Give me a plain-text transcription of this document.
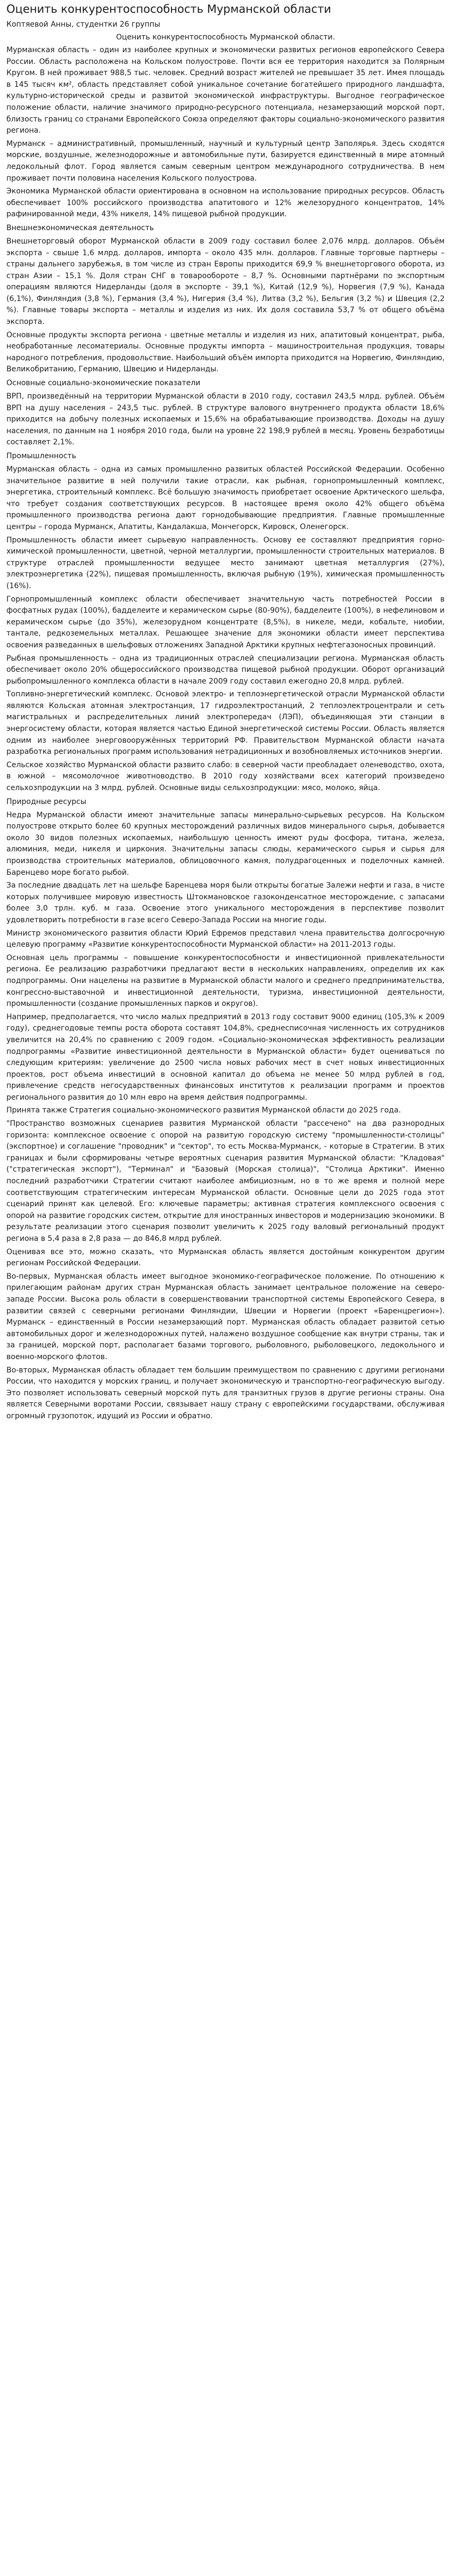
Оценить конкурентоспособность Мурманской области
Коптяевой Анны, студентки 26 группы
Оценить конкурентоспособность Мурманской области.

Мурманская область – один из наиболее крупных и экономически развитых регионов европейского Севера России. Область расположена на Кольском полуострове. Почти вся ее территория находится за Полярным Кругом. В ней проживает 988,5 тыс. человек. Средний возраст жителей не превышает 35 лет. Имея площадь в 145 тысяч км², область представляет собой уникальное сочетание богатейшего природного ландшафта, культурно-исторической среды и развитой экономической инфраструктуры. Выгодное географическое положение области, наличие значимого природно-ресурсного потенциала, незамерзающий морской порт, близость границ со странами Европейского Союза определяют факторы социально-экономического развития региона.

Мурманск – административный, промышленный, научный и культурный центр Заполярья. Здесь сходятся морские, воздушные, железнодорожные и автомобильные пути, базируется единственный в мире атомный ледокольный флот. Город является самым северным центром международного сотрудничества. В нем проживает почти половина населения Кольского полуострова.

Экономика Мурманской области ориентирована в основном на использование природных ресурсов. Область обеспечивает 100% российского производства апатитового и 12% железорудного концентратов, 14% рафинированной меди, 43% никеля, 14% пищевой рыбной продукции.

Внешнеэкономическая деятельность

Внешнеторговый оборот Мурманской области в 2009 году составил более 2,076 млрд. долларов. Объём экспорта – свыше 1,6 млрд. долларов, импорта – около 435 млн. долларов. Главные торговые партнеры – страны дальнего зарубежья, в том числе из стран Европы приходится 69,9 % внешнеторгового оборота, из стран Азии – 15,1 %. Доля стран СНГ в товарообороте – 8,7 %. Основными партнёрами по экспортным операциям являются Нидерланды (доля в экспорте - 39,1 %), Китай (12,9 %), Норвегия (7,9 %), Канада (6,1%), Финляндия (3,8 %), Германия (3,4 %), Нигерия (3,4 %), Литва (3,2 %), Бельгия (3,2 %) и Швеция (2,2 %). Главные товары экспорта – металлы и изделия из них. Их доля составила 53,7 % от общего объёма экспорта.

Основные продукты экспорта региона - цветные металлы и изделия из них, апатитовый концентрат, рыба, необработанные лесоматериалы. Основные продукты импорта – машиностроительная продукция, товары народного потребления, продовольствие. Наибольший объём импорта приходится на Норвегию, Финляндию, Великобританию, Германию, Швецию и Нидерланды.

Основные социально-экономические показатели

ВРП, произведённый на территории Мурманской области в 2010 году, составил 243,5 млрд. рублей. Объём ВРП на душу населения – 243,5 тыс. рублей. В структуре валового внутреннего продукта области 18,6% приходится на добычу полезных ископаемых и 15,6% на обрабатывающие производства. Доходы на душу населения, по данным на 1 ноября 2010 года, были на уровне 22 198,9 рублей в месяц. Уровень безработицы составляет 2,1%.

Промышленность

Мурманская область – одна из самых промышленно развитых областей Российской Федерации. Особенно значительное развитие в ней получили такие отрасли, как рыбная, горнопромышленный комплекс, энергетика, строительный комплекс. Всё большую значимость приобретает освоение Арктического шельфа, что требует создания соответствующих ресурсов. В настоящее время около 42% общего объёма промышленного производства региона дают горнодобывающие предприятия. Главные промышленные центры – города Мурманск, Апатиты, Кандалакша, Мончегорск, Кировск, Оленегорск.

Промышленность области имеет сырьевую направленность. Основу ее составляют предприятия горно-химической промышленности, цветной, черной металлургии, промышленности строительных материалов. В структуре отраслей промышленности ведущее место занимают цветная металлургия (27%), электроэнергетика (22%), пищевая промышленность, включая рыбную (19%), химическая промышленность (16%).

Горнопромышленный комплекс области обеспечивает значительную часть потребностей России в фосфатных рудах (100%), бадделеите и керамическом сырье (80-90%), бадделеите (100%), в нефелиновом и керамическом сырье (до 35%), железорудном концентрате (8,5%), в никеле, меди, кобальте, ниобии, тантале, редкоземельных металлах. Решающее значение для экономики области имеет перспектива освоения разведанных в шельфовых отложениях Западной Арктики крупных нефтегазоносных провинций.

Рыбная промышленность – одна из традиционных отраслей специализации региона. Мурманская область обеспечивает около 20% общероссийского производства пищевой рыбной продукции. Оборот организаций рыбопромышленного комплекса области в начале 2009 году составил ежегодно 20,8 млрд. рублей.

Топливно-энергетический комплекс. Основой электро- и теплоэнергетической отрасли Мурманской области являются Кольская атомная электростанция, 17 гидроэлектростанций, 2 теплоэлектроцентрали и сеть магистральных и распределительных линий электропередач (ЛЭП), объединяющая эти станции в энергосистему области, которая является частью Единой энергетической системы России. Область является одним из наиболее энерговооружённых территорий РФ. Правительством Мурманской области начата разработка региональных программ использования нетрадиционных и возобновляемых источников энергии.

Сельское хозяйство Мурманской области развито слабо: в северной части преобладает оленеводство, охота, в южной – мясомолочное животноводство. В 2010 году хозяйствами всех категорий произведено сельхозпродукции на 3 млрд. рублей. Основные виды сельхозпродукции: мясо, молоко, яйца.

Природные ресурсы

Недра Мурманской области имеют значительные запасы минерально-сырьевых ресурсов. На Кольском полуострове открыто более 60 крупных месторождений различных видов минерального сырья, добывается около 30 видов полезных ископаемых, наибольшую ценность имеют руды фосфора, титана, железа, алюминия, меди, никеля и циркония. Значительны запасы слюды, керамического сырья и сырья для производства строительных материалов, облицовочного камня, полудрагоценных и поделочных камней. Баренцево море богато рыбой.

За последние двадцать лет на шельфе Баренцева моря были открыты богатые Залежи нефти и газа, в чисте которых получившее мировую известность Штокмановское газоконденсатное месторождение, с запасами более 3,0 трлн. куб. м газа. Освоение этого уникального месторождения в перспективе позволит удовлетворить потребности в газе всего Северо-Запада России на многие годы.

Министр экономического развития области Юрий Ефремов представил члена правительства долгосрочную целевую программу «Развитие конкурентоспособности Мурманской области» на 2011-2013 годы.

Основная цель программы – повышение конкурентоспособности и инвестиционной привлекательности региона. Ее реализацию разработчики предлагают вести в нескольких направлениях, определив их как подпрограммы. Они нацелены на развитие в Мурманской области малого и среднего предпринимательства, конгрессно-выставочной и инвестиционной деятельности, туризма, инвестиционной деятельности, промышленности (создание промышленных парков и округов).

Например, предполагается, что число малых предприятий в 2013 году составит 9000 единиц (105,3% к 2009 году), среднегодовые темпы роста оборота составят 104,8%, среднесписочная численность их сотрудников увеличится на 20,4% по сравнению с 2009 годом. «Социально-экономическая эффективность реализации подпрограммы «Развитие инвестиционной деятельности в Мурманской области» будет оцениваться по следующим критериям: увеличение до 2500 числа новых рабочих мест в счет новых инвестиционных проектов, рост объема инвестиций в основной капитал до объема не менее 50 млрд рублей в год, привлечение средств негосударственных финансовых институтов к реализации программ и проектов регионального развития до 10 млн евро на время действия подпрограммы.

Принята также Стратегия социально-экономического развития Мурманской области до 2025 года.

"Пространство возможных сценариев развития Мурманской области "рассечено" на два разнородных горизонта: комплексное освоение с опорой на развитую городскую систему "промышленности-столицы" (экспортное) и соглашение "проводник" и "сектор", то есть Москва-Мурманск, - которые в Стратегии. В этих границах и были сформированы четыре вероятных сценария развития Мурманской области: "Кладовая" ("стратегическая экспорт"), "Терминал" и "Базовый (Морская столица)", "Столица Арктики". Именно последний разработчики Стратегии считают наиболее амбициозным, но в то же время и полной мере соответствующим стратегическим интересам Мурманской области. Основные цели до 2025 года этот сценарий принят как целевой. Его: ключевые параметры; активная стратегия комплексного освоения с опорой на развитие городских систем, открытие для иностранных инвесторов и модернизацию экономики. В результате реализации этого сценария позволит увеличить к 2025 году валовый региональный продукт региона в 5,4 раза в 2,8 раза — до 846,8 млрд рублей.

Оценивая все это, можно сказать, что Мурманская область является достойным конкурентом другим регионам Российской Федерации.

Во-первых, Мурманская область имеет выгодное экономико-географическое положение. По отношению к прилегающим районам других стран Мурманская область занимает центральное положение на северо-западе России. Высока роль области в совершенствовании транспортной системы Европейского Севера, в развитии связей с северными регионами Финляндии, Швеции и Норвегии (проект «Баренцрегион»). Мурманск – единственный в России незамерзающий порт. Мурманская область обладает развитой сетью автомобильных дорог и железнодорожных путей, налажено воздушное сообщение как внутри страны, так и за границей, морской порт, располагает базами торгового, рыболовного, рыболовецкого, ледокольного и военно-морского флотов.

Во-вторых, Мурманская область обладает тем большим преимуществом по сравнению с другими регионами России, что находится у морских границ, и получает экономическую и транспортно-географическую выгоду. Это позволяет использовать северный морской путь для транзитных грузов в другие регионы страны. Она является Северными воротами России, связывает нашу страну с европейскими государствами, обслуживая огромный грузопоток, идущий из России и обратно.
